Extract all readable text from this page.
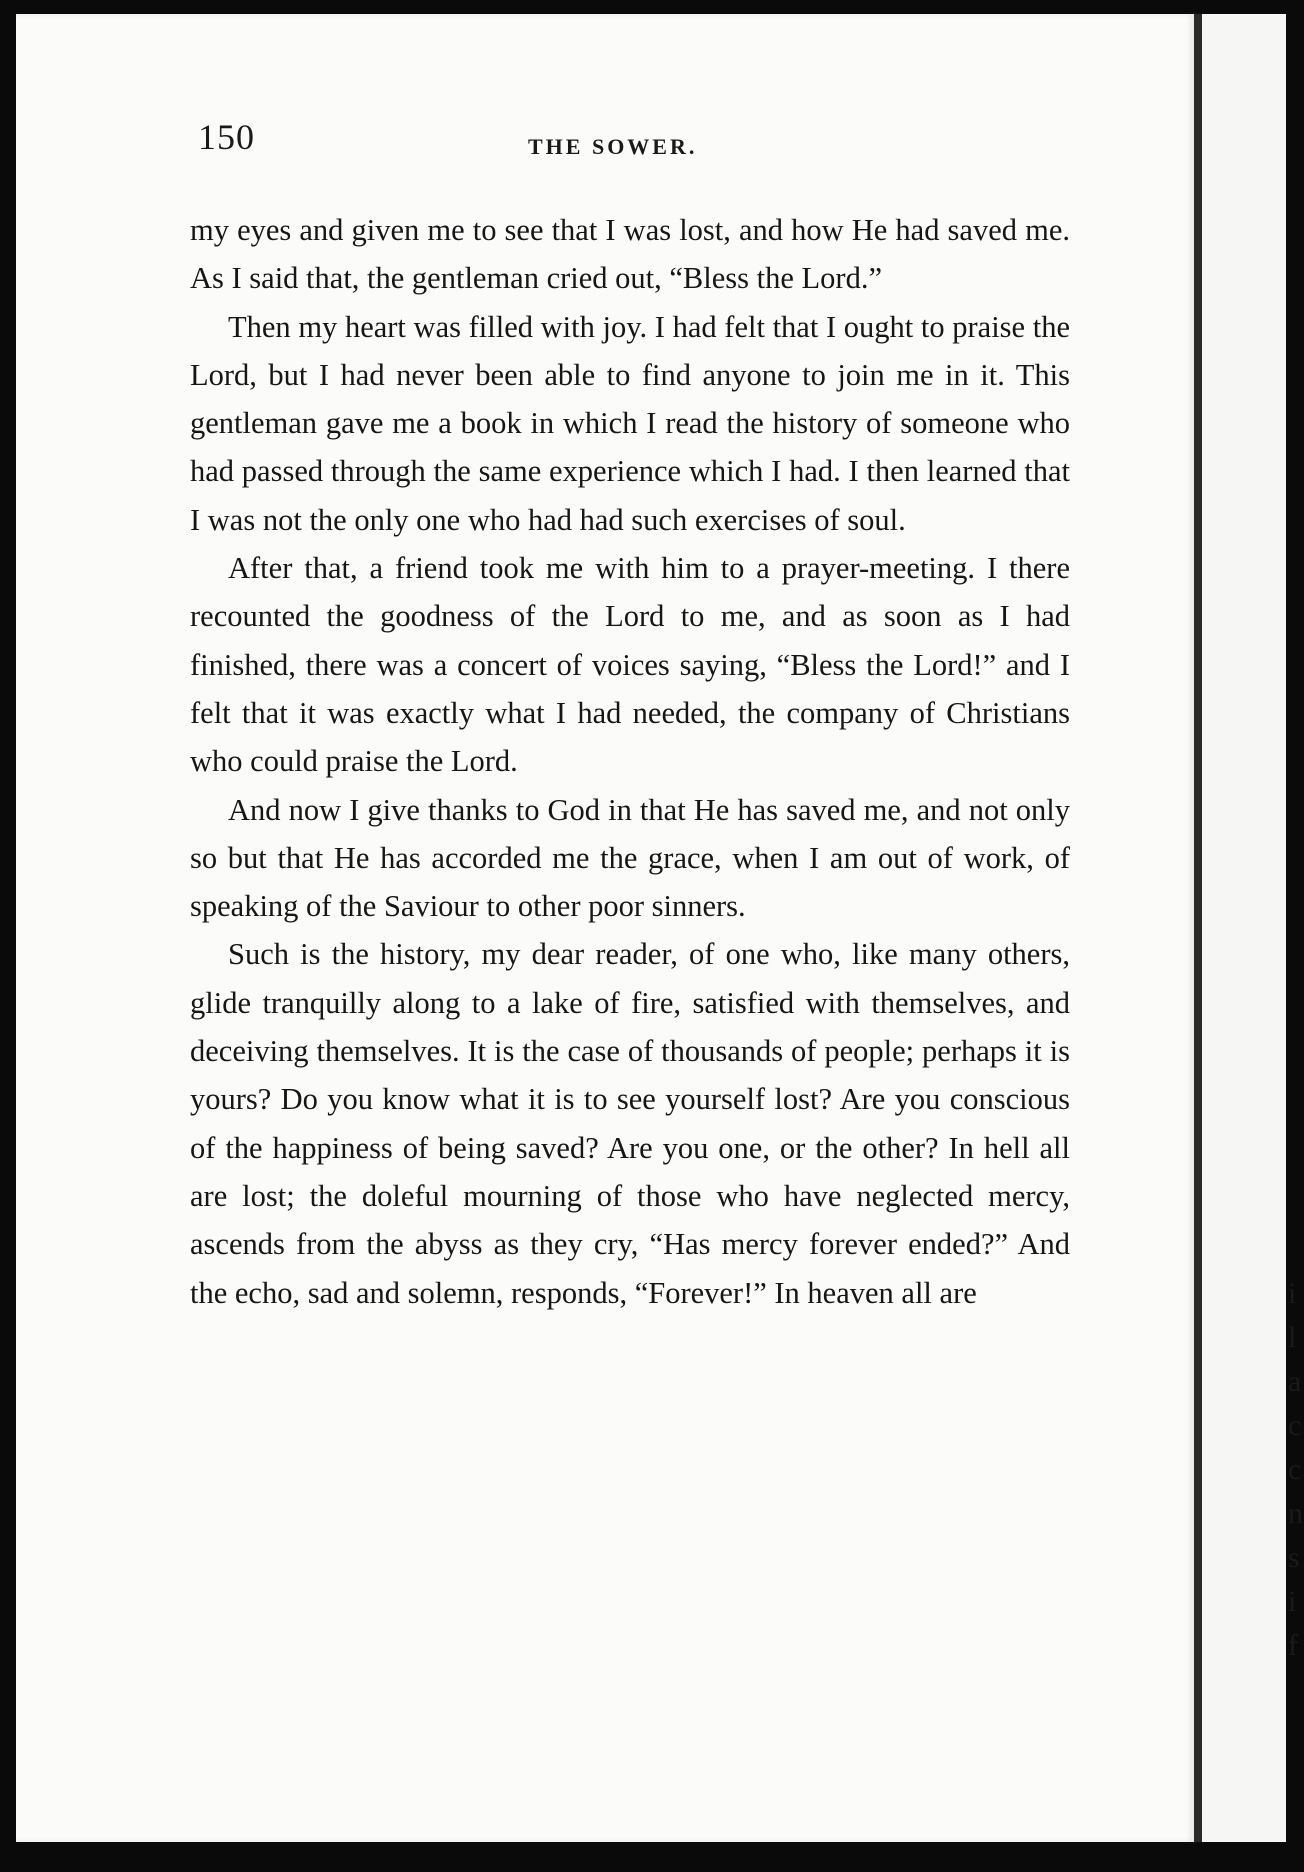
150	THE SOWER.

my eyes and given me to see that I was lost, and how He had saved me. As I said that, the gentleman cried out, “Bless the Lord.”

Then my heart was filled with joy. I had felt that I ought to praise the Lord, but I had never been able to find anyone to join me in it. This gentleman gave me a book in which I read the history of someone who had passed through the same experience which I had. I then learned that I was not the only one who had had such exercises of soul.

After that, a friend took me with him to a prayer-meeting. I there recounted the goodness of the Lord to me, and as soon as I had finished, there was a concert of voices saying, “Bless the Lord!” and I felt that it was exactly what I had needed, the company of Christians who could praise the Lord.

And now I give thanks to God in that He has saved me, and not only so but that He has accorded me the grace, when I am out of work, of speaking of the Saviour to other poor sinners.

Such is the history, my dear reader, of one who, like many others, glide tranquilly along to a lake of fire, satisfied with themselves, and deceiving themselves. It is the case of thousands of people; perhaps it is yours? Do you know what it is to see yourself lost? Are you conscious of the happiness of being saved? Are you one, or the other? In hell all are lost; the doleful mourning of those who have neglected mercy, ascends from the abyss as they cry, “Has mercy forever ended?” And the echo, sad and solemn, responds, “Forever!” In heaven all are	i
l
a
c
c
n
s
i
f
